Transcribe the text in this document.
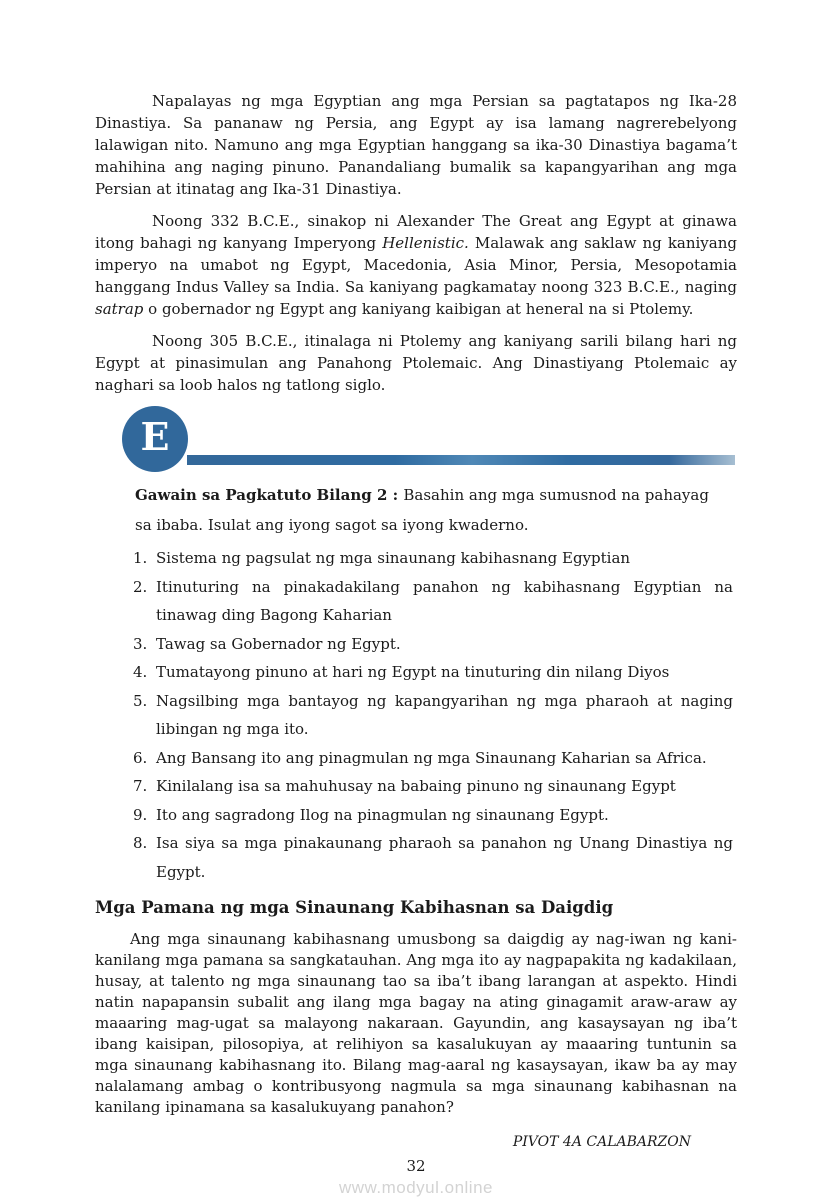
Napalayas ng mga Egyptian ang mga Persian sa pagtatapos ng Ika-28 Dinastiya. Sa pananaw ng Persia, ang Egypt ay isa lamang nagrerebelyong lalawigan nito. Namuno ang mga Egyptian hanggang sa ika-30 Dinastiya bagama’t mahihina ang naging pinuno. Panandaliang bumalik sa kapangyarihan ang mga Persian at itinatag ang Ika-31 Dinastiya.

Noong 332 B.C.E., sinakop ni Alexander The Great ang Egypt at ginawa itong bahagi ng kanyang Imperyong Hellenistic. Malawak ang saklaw ng kaniyang imperyo na umabot ng Egypt, Macedonia, Asia Minor, Persia, Mesopotamia hanggang Indus Valley sa India. Sa kaniyang pagkamatay noong 323 B.C.E., naging satrap o gobernador ng Egypt ang kaniyang kaibigan at heneral na si Ptolemy.

Noong 305 B.C.E., itinalaga ni Ptolemy ang kaniyang sarili bilang hari ng Egypt at pinasimulan ang Panahong Ptolemaic. Ang Dinastiyang Ptolemaic ay naghari sa loob halos ng tatlong siglo.

E
Gawain sa Pagkatuto Bilang 2 : Basahin ang mga sumusnod na pahayag sa ibaba. Isulat ang iyong sagot sa iyong kwaderno.
1. Sistema ng pagsulat ng mga sinaunang kabihasnang Egyptian
2. Itinuturing na pinakadakilang panahon ng kabihasnang Egyptian na tinawag ding Bagong Kaharian
3. Tawag sa Gobernador ng Egypt.
4. Tumatayong pinuno at hari ng Egypt na tinuturing din nilang Diyos
5. Nagsilbing mga bantayog ng kapangyarihan ng mga pharaoh at naging libingan ng mga ito.
6. Ang Bansang ito ang pinagmulan ng mga Sinaunang Kaharian sa Africa.
7. Kinilalang isa sa mahuhusay na babaing pinuno ng sinaunang Egypt
9. Ito ang sagradong Ilog na pinagmulan ng sinaunang Egypt.
8. Isa siya sa mga pinakaunang pharaoh sa panahon ng Unang Dinastiya ng Egypt.
Mga Pamana ng mga Sinaunang Kabihasnan sa Daigdig

Ang mga sinaunang kabihasnang umusbong sa daigdig ay nag-iwan ng kani- kanilang mga pamana sa sangkatauhan. Ang mga ito ay nagpapakita ng kadakilaan, husay, at talento ng mga sinaunang tao sa iba’t ibang larangan at aspekto. Hindi natin napapansin subalit ang ilang mga bagay na ating ginagamit araw-araw ay maaaring mag-ugat sa malayong nakaraan. Gayundin, ang kasaysayan ng iba’t ibang kaisipan, pilosopiya, at relihiyon sa kasalukuyan ay maaaring tuntunin sa mga sinaunang kabihasnang ito. Bilang mag-aaral ng kasaysayan, ikaw ba ay may nalalamang ambag o kontribusyong nagmula sa mga sinaunang kabihasnan na kanilang ipinamana sa kasalukuyang panahon?

PIVOT 4A CALABARZON
32
www.modyul.online
